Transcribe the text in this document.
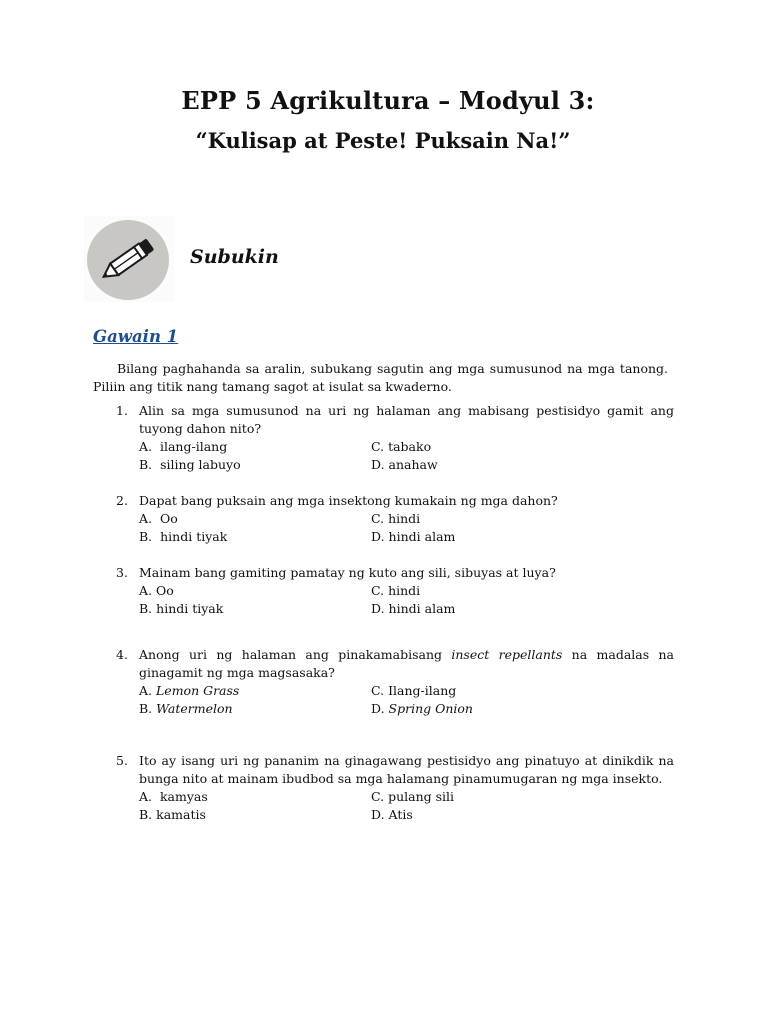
EPP 5 Agrikultura – Modyul 3:
“Kulisap at Peste! Puksain Na!”
Subukin
Gawain 1
Bilang paghahanda sa aralin, subukang sagutin ang mga sumusunod na mga tanong. Piliin ang titik nang tamang sagot at isulat sa kwaderno.
1. Alin sa mga sumusunod na uri ng halaman ang mabisang pestisidyo gamit ang tuyong dahon nito?
A. ilang-ilang
B. siling labuyo
C. tabako
D. anahaw
2. Dapat bang puksain ang mga insektong kumakain ng mga dahon?
A. Oo
B. hindi tiyak
C. hindi
D. hindi alam
3. Mainam bang gamiting pamatay ng kuto ang sili, sibuyas at luya?
A. Oo
B. hindi tiyak
C. hindi
D. hindi alam
4. Anong uri ng halaman ang pinakamabisang insect repellants na madalas na ginagamit ng mga magsasaka?
A. Lemon Grass
B. Watermelon
C. Ilang-ilang
D. Spring Onion
5. Ito ay isang uri ng pananim na ginagawang pestisidyo ang pinatuyo at dinikdik na bunga nito at mainam ibudbod sa mga halamang pinamumugaran ng mga insekto.
A. kamyas
B. kamatis
C. pulang sili
D. Atis
